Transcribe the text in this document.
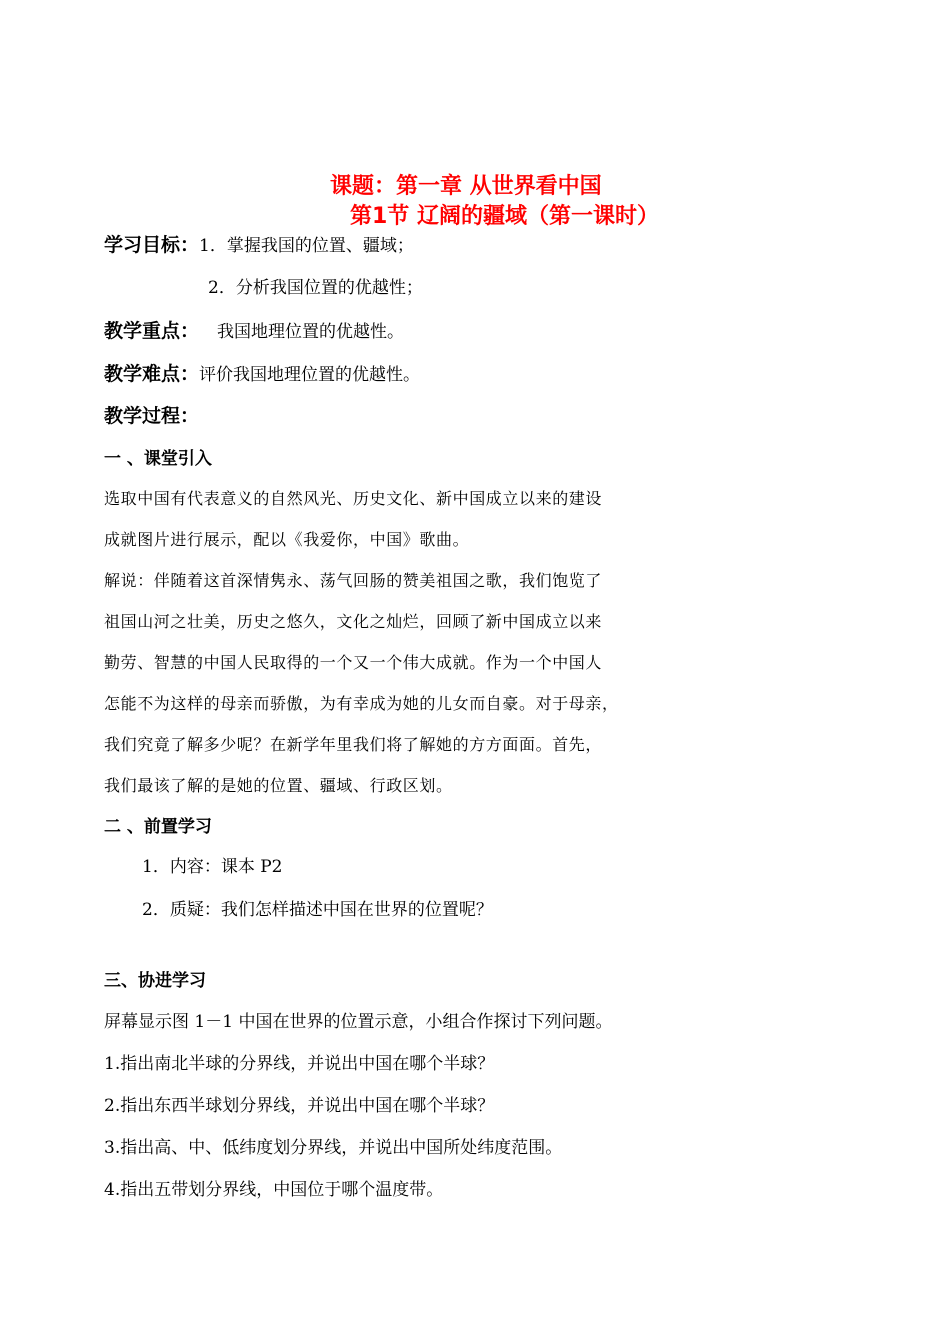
课题：第一章 从世界看中国
第1节 辽阔的疆域（第一课时）
学习目标：1．掌握我国的位置、疆域；
2．分析我国位置的优越性；
教学重点： 我国地理位置的优越性。
教学难点：评价我国地理位置的优越性。
教学过程：
一 、课堂引入
选取中国有代表意义的自然风光、历史文化、新中国成立以来的建设
成就图片进行展示，配以《我爱你，中国》歌曲。
解说：伴随着这首深情隽永、荡气回肠的赞美祖国之歌，我们饱览了
祖国山河之壮美，历史之悠久，文化之灿烂，回顾了新中国成立以来
勤劳、智慧的中国人民取得的一个又一个伟大成就。作为一个中国人
怎能不为这样的母亲而骄傲，为有幸成为她的儿女而自豪。对于母亲，
我们究竟了解多少呢？在新学年里我们将了解她的方方面面。首先，
我们最该了解的是她的位置、疆域、行政区划。
二 、前置学习
1．内容：课本 P2
2．质疑：我们怎样描述中国在世界的位置呢？
三、协进学习
屏幕显示图 1－1 中国在世界的位置示意，小组合作探讨下列问题。
1.指出南北半球的分界线，并说出中国在哪个半球？
2.指出东西半球划分界线，并说出中国在哪个半球？
3.指出高、中、低纬度划分界线，并说出中国所处纬度范围。
4.指出五带划分界线，中国位于哪个温度带。
